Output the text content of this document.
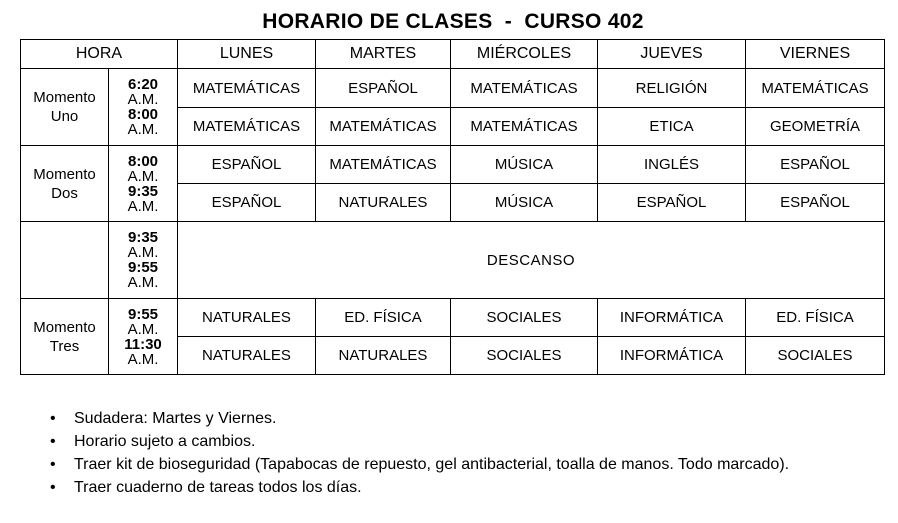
HORARIO DE CLASES  -  CURSO 402
HORA		LUNES	MARTES	MIÉRCOLES	JUEVES	VIERNES
Momento Uno	6:20
A.M.
8:00
A.M.	MATEMÁTICAS	ESPAÑOL	MATEMÁTICAS	RELIGIÓN	MATEMÁTICAS
		MATEMÁTICAS	MATEMÁTICAS	MATEMÁTICAS	ETICA	GEOMETRÍA
Momento Dos	8:00
A.M.
9:35
A.M.	ESPAÑOL	MATEMÁTICAS	MÚSICA	INGLÉS	ESPAÑOL
		ESPAÑOL	NATURALES	MÚSICA	ESPAÑOL	ESPAÑOL

	9:35
A.M.
9:55
A.M.	DESCANSO				
Momento Tres	9:55
A.M.
11:30
A.M.	NATURALES	ED. FÍSICA	SOCIALES	INFORMÁTICA	ED. FÍSICA
		NATURALES	NATURALES	SOCIALES	INFORMÁTICA	SOCIALES
• Sudadera: Martes y Viernes.
• Horario sujeto a cambios.
• Traer kit de bioseguridad (Tapabocas de repuesto, gel antibacterial, toalla de manos. Todo marcado).
• Traer cuaderno de tareas todos los días.
